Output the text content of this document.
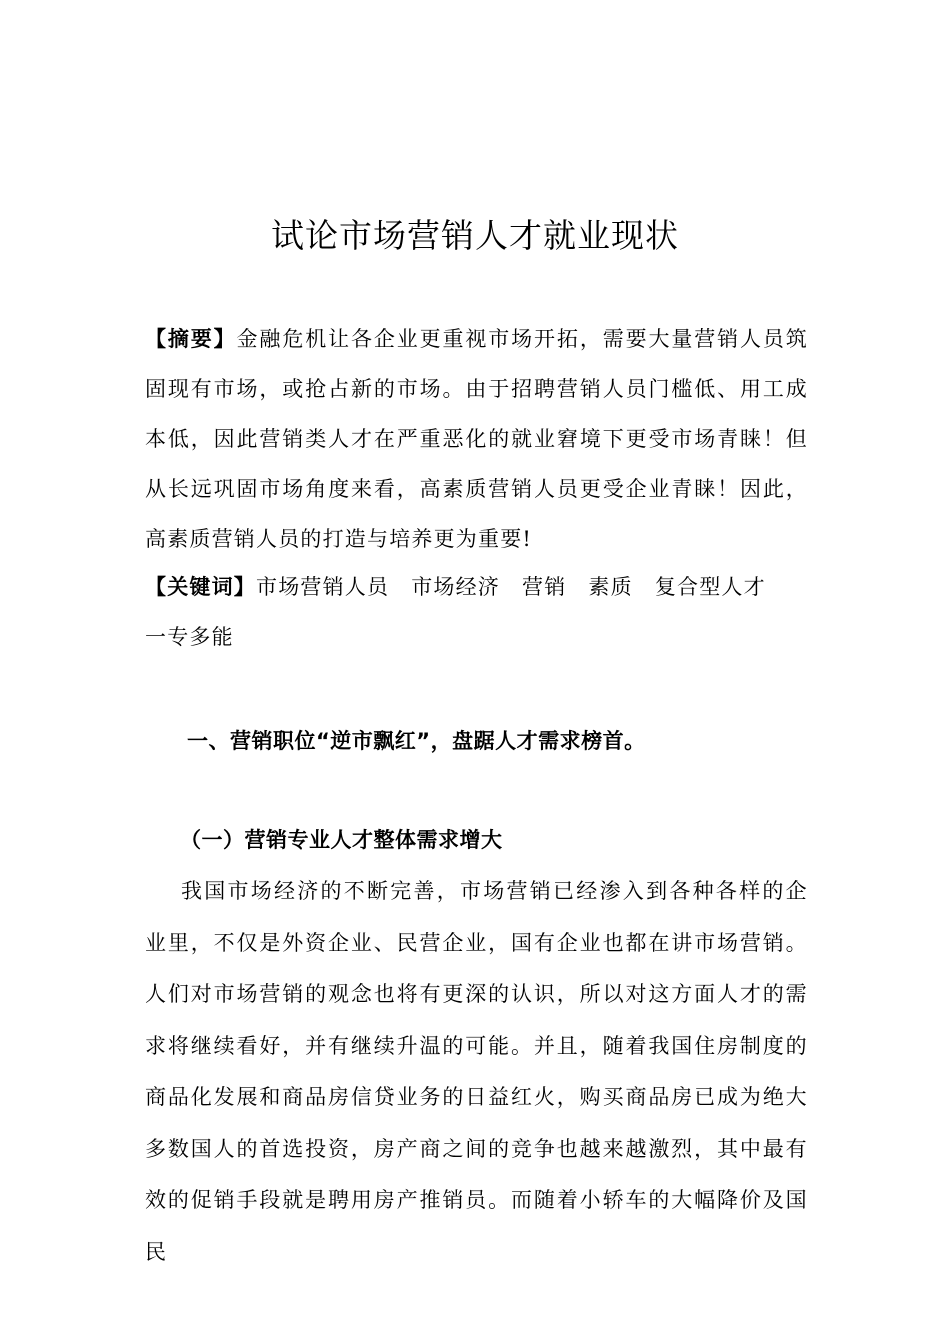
试论市场营销人才就业现状
【摘要】金融危机让各企业更重视市场开拓，需要大量营销人员筑固现有市场，或抢占新的市场。由于招聘营销人员门槛低、用工成本低，因此营销类人才在严重恶化的就业窘境下更受市场青睐！但从长远巩固市场角度来看，高素质营销人员更受企业青睐！因此，高素质营销人员的打造与培养更为重要!
【关键词】市场营销人员 市场经济 营销 素质 复合型人才一专多能
一、营销职位“逆市飘红”，盘踞人才需求榜首。
（一）营销专业人才整体需求增大

我国市场经济的不断完善，市场营销已经渗入到各种各样的企业里，不仅是外资企业、民营企业，国有企业也都在讲市场营销。人们对市场营销的观念也将有更深的认识，所以对这方面人才的需求将继续看好，并有继续升温的可能。并且，随着我国住房制度的商品化发展和商品房信贷业务的日益红火，购买商品房已成为绝大多数国人的首选投资，房产商之间的竞争也越来越激烈，其中最有效的促销手段就是聘用房产推销员。而随着小轿车的大幅降价及国民
